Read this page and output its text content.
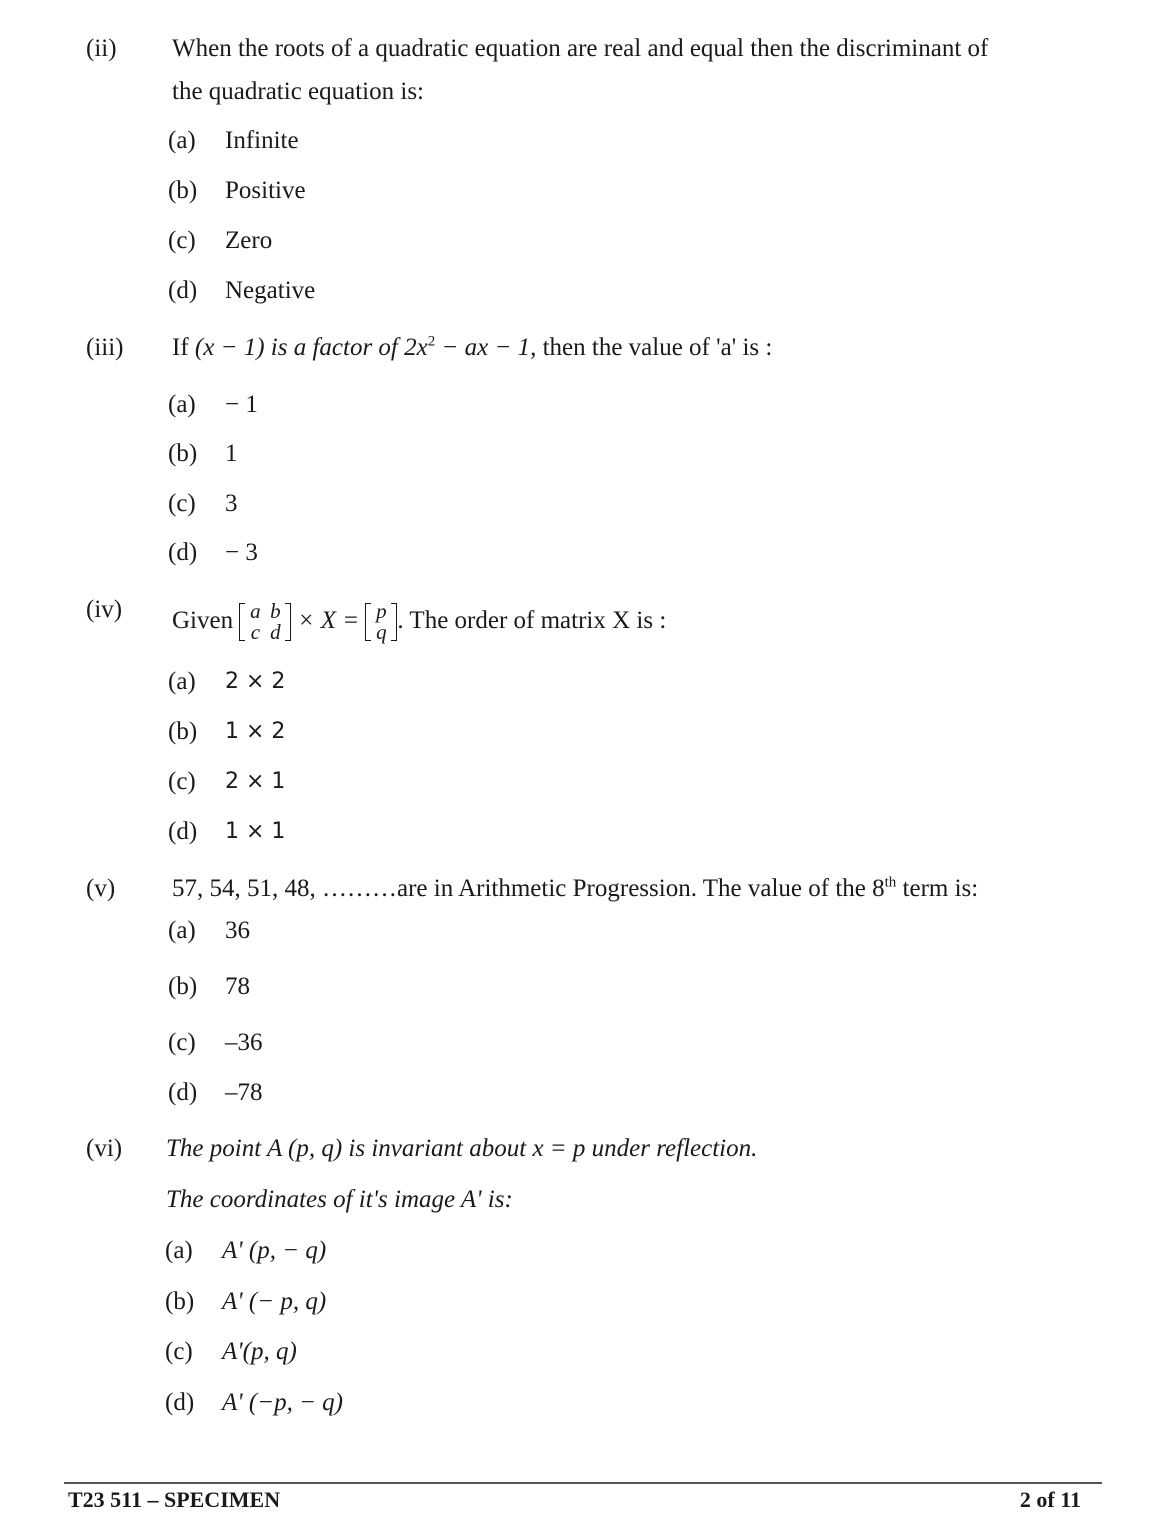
(ii) When the roots of a quadratic equation are real and equal then the discriminant of
the quadratic equation is:
(a) Infinite
(b) Positive
(c) Zero
(d) Negative
(iii) If (x − 1) is a factor of $2x^2$ − ax − 1, then the value of 'a' is :
(a) − 1
(b) 1
(c) 3
(d) − 3
(iv) Given a b
c d × X = p
q . The order of matrix X is :
(a) 2 × 2
(b) 1 × 2
(c) 2 × 1
(d) 1 × 1
(v) 57, 54, 51, 48, ………are in Arithmetic Progression. The value of the 8th term is:
(a) 36
(b) 78
(c) –36
(d) –78
(vi) The point A (p, q) is invariant about x = p under reflection.
The coordinates of it's image A' is:
(a) A' (p, − q)
(b) A' (− p, q)
(c) A'(p, q)
(d) A' (−p, − q)
T23 511 – SPECIMEN	2 of 11
